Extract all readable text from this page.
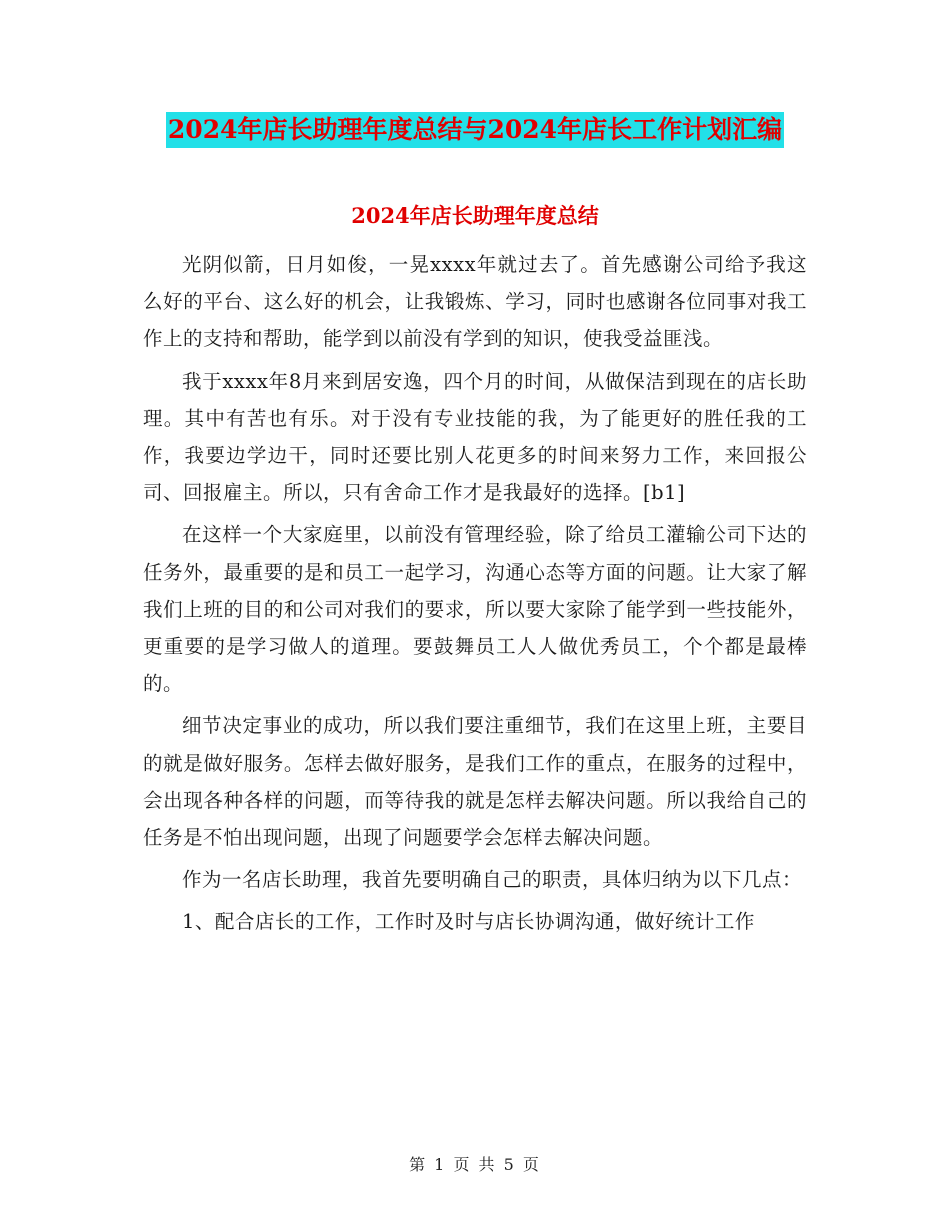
2024年店长助理年度总结与2024年店长工作计划汇编
2024年店长助理年度总结

光阴似箭，日月如俊，一晃xxxx年就过去了。首先感谢公司给予我这么好的平台、这么好的机会，让我锻炼、学习，同时也感谢各位同事对我工作上的支持和帮助，能学到以前没有学到的知识，使我受益匪浅。

我于xxxx年8月来到居安逸，四个月的时间，从做保洁到现在的店长助理。其中有苦也有乐。对于没有专业技能的我，为了能更好的胜任我的工作，我要边学边干，同时还要比别人花更多的时间来努力工作，来回报公司、回报雇主。所以，只有舍命工作才是我最好的选择。[b1]

在这样一个大家庭里，以前没有管理经验，除了给员工灌输公司下达的任务外，最重要的是和员工一起学习，沟通心态等方面的问题。让大家了解我们上班的目的和公司对我们的要求，所以要大家除了能学到一些技能外，更重要的是学习做人的道理。要鼓舞员工人人做优秀员工，个个都是最棒的。

细节决定事业的成功，所以我们要注重细节，我们在这里上班，主要目的就是做好服务。怎样去做好服务，是我们工作的重点，在服务的过程中，会出现各种各样的问题，而等待我的就是怎样去解决问题。所以我给自己的任务是不怕出现问题，出现了问题要学会怎样去解决问题。

作为一名店长助理，我首先要明确自己的职责，具体归纳为以下几点：

1、配合店长的工作，工作时及时与店长协调沟通，做好统计工作

第 1 页 共 5 页
